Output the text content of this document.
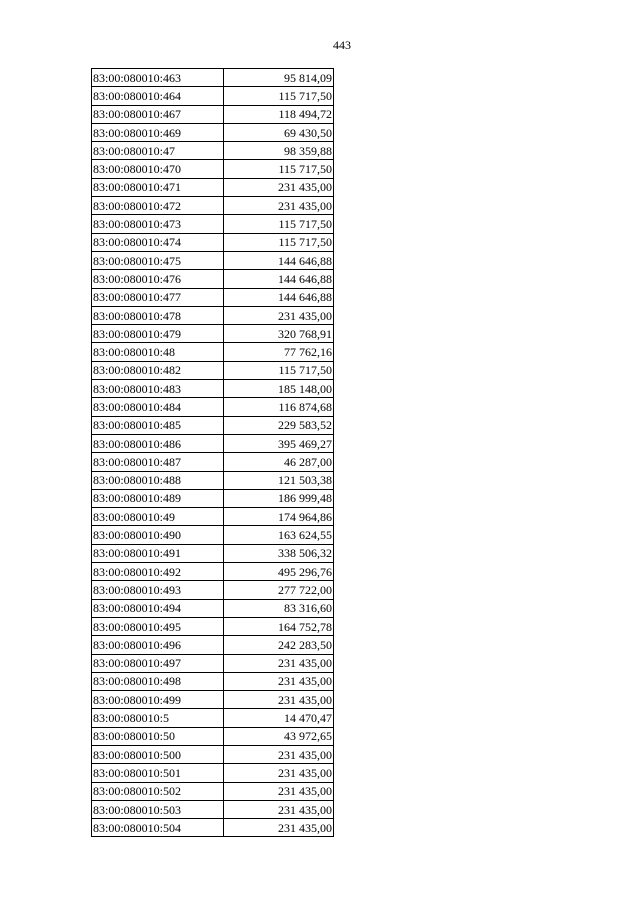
443
83:00:080010:463	95 814,09
83:00:080010:464	115 717,50
83:00:080010:467	118 494,72
83:00:080010:469	69 430,50
83:00:080010:47	98 359,88
83:00:080010:470	115 717,50
83:00:080010:471	231 435,00
83:00:080010:472	231 435,00
83:00:080010:473	115 717,50
83:00:080010:474	115 717,50
83:00:080010:475	144 646,88
83:00:080010:476	144 646,88
83:00:080010:477	144 646,88
83:00:080010:478	231 435,00
83:00:080010:479	320 768,91
83:00:080010:48	77 762,16
83:00:080010:482	115 717,50
83:00:080010:483	185 148,00
83:00:080010:484	116 874,68
83:00:080010:485	229 583,52
83:00:080010:486	395 469,27
83:00:080010:487	46 287,00
83:00:080010:488	121 503,38
83:00:080010:489	186 999,48
83:00:080010:49	174 964,86
83:00:080010:490	163 624,55
83:00:080010:491	338 506,32
83:00:080010:492	495 296,76
83:00:080010:493	277 722,00
83:00:080010:494	83 316,60
83:00:080010:495	164 752,78
83:00:080010:496	242 283,50
83:00:080010:497	231 435,00
83:00:080010:498	231 435,00
83:00:080010:499	231 435,00
83:00:080010:5	14 470,47
83:00:080010:50	43 972,65
83:00:080010:500	231 435,00
83:00:080010:501	231 435,00
83:00:080010:502	231 435,00
83:00:080010:503	231 435,00
83:00:080010:504	231 435,00
